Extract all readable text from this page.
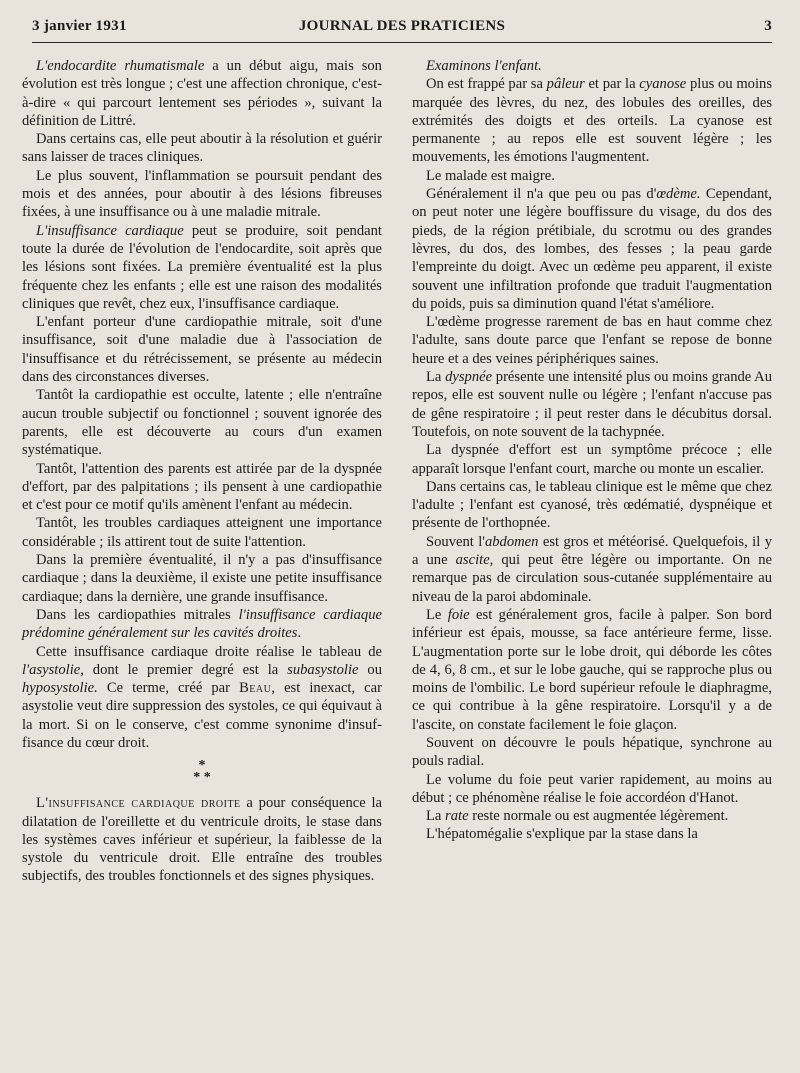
3 janvier 1931	JOURNAL DES PRATICIENS	3

L'endocardite rhumatismale a un début aigu, mais son évolution est très longue ; c'est une affection chronique, c'est-à-dire « qui parcourt lentement ses périodes », suivant la définition de Littré.

Dans certains cas, elle peut aboutir à la résolution et guérir sans laisser de traces cliniques.

Le plus souvent, l'inflammation se poursuit pendant des mois et des années, pour aboutir à des lésions fibreuses fixées, à une insuffisance ou à une maladie mitrale.

L'insuffisance cardiaque peut se produire, soit pendant toute la durée de l'évolution de l'endocardite, soit après que les lésions sont fixées. La première éventualité est la plus fréquente chez les enfants ; elle est une raison des modalités cliniques que revêt, chez eux, l'insuffisance cardiaque.

L'enfant porteur d'une cardiopathie mitrale, soit d'une insuffisance, soit d'une maladie due à l'association de l'insuffisance et du rétrécissement, se présente au médecin dans des circonstances diverses.

Tantôt la cardiopathie est occulte, latente ; elle n'entraîne aucun trouble subjectif ou fonctionnel ; souvent ignorée des parents, elle est découverte au cours d'un examen systématique.

Tantôt, l'attention des parents est attirée par de la dyspnée d'effort, par des palpitations ; ils pensent à une cardiopathie et c'est pour ce motif qu'ils amènent l'enfant au médecin.

Tantôt, les troubles cardiaques atteignent une importance considérable ; ils attirent tout de suite l'attention.

Dans la première éventualité, il n'y a pas d'insuffisance cardiaque ; dans la deuxième, il existe une petite insuffisance cardiaque; dans la dernière, une grande insuffisance.

Dans les cardiopathies mitrales l'insuffisance cardiaque prédomine généralement sur les cavités droites.

Cette insuffisance cardiaque droite réalise le tableau de l'asystolie, dont le premier degré est la subasystolie ou hyposystolie. Ce terme, créé par Beau, est inexact, car asystolie veut dire suppression des systoles, ce qui équivaut à la mort. Si on le conserve, c'est comme synonime d'insuffisance du cœur droit.

*
* *

L'insuffisance cardiaque droite a pour conséquence la dilatation de l'oreillette et du ventricule droits, le stase dans les systèmes caves inférieur et supérieur, la faiblesse de la systole du ventricule droit. Elle entraîne des troubles subjectifs, des troubles fonctionnels et des signes physiques.

Examinons l'enfant.

On est frappé par sa pâleur et par la cyanose plus ou moins marquée des lèvres, du nez, des lobules des oreilles, des extrémités des doigts et des orteils. La cyanose est permanente ; au repos elle est souvent légère ; les mouvements, les émotions l'augmentent.

Le malade est maigre.

Généralement il n'a que peu ou pas d'œdème. Cependant, on peut noter une légère bouffissure du visage, du dos des pieds, de la région prétibiale, du scrotmu ou des grandes lèvres, du dos, des lombes, des fesses ; la peau garde l'empreinte du doigt. Avec un œdème peu apparent, il existe souvent une infiltration profonde que traduit l'augmentation du poids, puis sa diminution quand l'état s'améliore.

L'œdème progresse rarement de bas en haut comme chez l'adulte, sans doute parce que l'enfant se repose de bonne heure et a des veines périphériques saines.

La dyspnée présente une intensité plus ou moins grande Au repos, elle est souvent nulle ou légère ; l'enfant n'accuse pas de gêne respiratoire ; il peut rester dans le décubitus dorsal. Toutefois, on note souvent de la tachypnée.

La dyspnée d'effort est un symptôme précoce ; elle apparaît lorsque l'enfant court, marche ou monte un escalier.

Dans certains cas, le tableau clinique est le même que chez l'adulte ; l'enfant est cyanosé, très œdématié, dyspnéique et présente de l'orthopnée.

Souvent l'abdomen est gros et météorisé. Quelquefois, il y a une ascite, qui peut être légère ou importante. On ne remarque pas de circulation sous-cutanée supplémentaire au niveau de la paroi abdominale.

Le foie est généralement gros, facile à palper. Son bord inférieur est épais, mousse, sa face antérieure ferme, lisse. L'augmentation porte sur le lobe droit, qui déborde les côtes de 4, 6, 8 cm., et sur le lobe gauche, qui se rapproche plus ou moins de l'ombilic. Le bord supérieur refoule le diaphragme, ce qui contribue à la gêne respiratoire. Lorsqu'il y a de l'ascite, on constate facilement le foie glaçon.

Souvent on découvre le pouls hépatique, synchrone au pouls radial.

Le volume du foie peut varier rapidement, au moins au début ; ce phénomène réalise le foie accordéon d'Hanot.

La rate reste normale ou est augmentée légèrement.

L'hépatomégalie s'explique par la stase dans la
